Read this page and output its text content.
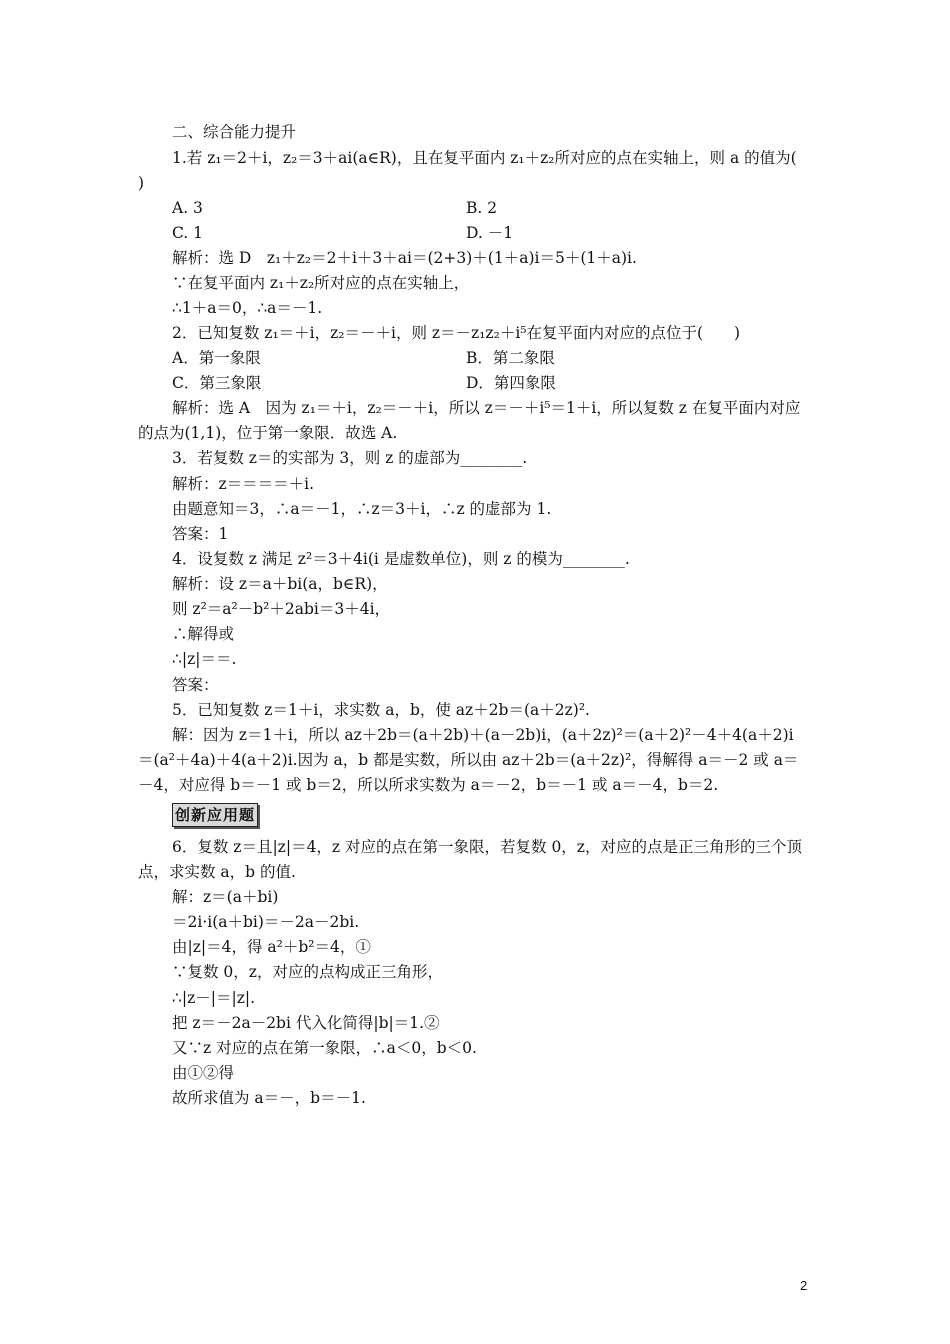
二、综合能力提升
1.若 z₁＝2＋i，z₂＝3＋ai(a∈R)，且在复平面内 z₁＋z₂所对应的点在实轴上，则 a 的值为(
)
A. 3	B. 2
C. 1	D. －1
解析：选 D　z₁＋z₂＝2＋i＋3＋ai＝(2+3)＋(1＋a)i＝5＋(1＋a)i.
∵在复平面内 z₁＋z₂所对应的点在实轴上，
∴1＋a＝0，∴a＝－1.
2．已知复数 z₁＝＋i，z₂＝－＋i，则 z＝－z₁z₂＋i⁵在复平面内对应的点位于(　　)
A．第一象限	B．第二象限
C．第三象限	D．第四象限
解析：选 A　因为 z₁＝＋i，z₂＝－＋i，所以 z＝－＋i⁵＝1＋i，所以复数 z 在复平面内对应
的点为(1,1)，位于第一象限．故选 A.
3．若复数 z＝的实部为 3，则 z 的虚部为________.
解析：z＝＝＝＝＋i.
由题意知＝3，∴a＝－1，∴z＝3＋i，∴z 的虚部为 1.
答案：1
4．设复数 z 满足 z²＝3＋4i(i 是虚数单位)，则 z 的模为________.
解析：设 z＝a＋bi(a，b∈R)，
则 z²＝a²－b²＋2abi＝3＋4i，
∴解得或
∴|z|＝＝.
答案：
5．已知复数 z＝1＋i，求实数 a，b，使 az＋2b＝(a＋2z)².
解：因为 z＝1＋i，所以 az＋2b＝(a＋2b)＋(a－2b)i，(a＋2z)²＝(a＋2)²－4＋4(a＋2)i
＝(a²＋4a)＋4(a＋2)i.因为 a，b 都是实数，所以由 az＋2b＝(a＋2z)²，得解得 a＝－2 或 a＝
－4，对应得 b＝－1 或 b＝2，所以所求实数为 a＝－2，b＝－1 或 a＝－4，b＝2.
创新应用题
6．复数 z＝且|z|＝4，z 对应的点在第一象限，若复数 0，z，对应的点是正三角形的三个顶
点，求实数 a，b 的值.
解：z＝(a＋bi)
＝2i·i(a＋bi)＝－2a－2bi.
由|z|＝4，得 a²＋b²＝4，①
∵复数 0，z，对应的点构成正三角形，
∴|z－|＝|z|.
把 z＝－2a－2bi 代入化简得|b|＝1.②
又∵z 对应的点在第一象限，∴a＜0，b＜0.
由①②得
故所求值为 a＝－，b＝－1.
2
